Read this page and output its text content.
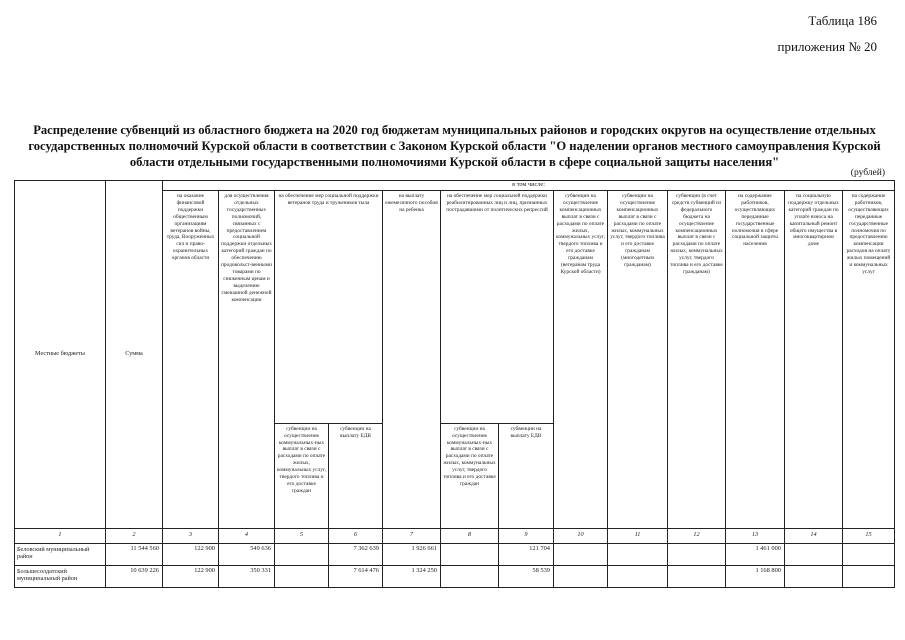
Таблица 186
приложения № 20
Распределение субвенций из областного бюджета на 2020 год бюджетам муниципальных районов и городских округов на осуществление отдельных
государственных полномочий Курской области в соответствии с Законом Курской области "О наделении органов местного самоуправления Курской
области отдельными государственными полномочиями Курской области в сфере социальной защиты населения"
(рублей)
Местные бюджеты	Сумма	в том числе:												
		на оказание финансовой поддержки общественным организациям ветеранов войны, труда, Вооруженных сил и право-охранительных органов области	для осуществления отдельных государственных полномочий, связанных с предоставлением социальной поддержки отдельных категорий граждан по обеспечению продовольст-венными товарами по сниженным ценам и выделению смешанной денежной компенсации	на обеспечение мер социальной поддержки ветеранов труда и тружеников тыла		на выплату ежемесячного пособия на ребенка	на обеспечение мер социальной поддержки реабилитированных лиц и лиц, признанных пострадавшими от политических репрессий		субвенции на осуществление компенсационных выплат в связи с расходами по оплате жилых, коммунальных услуг, твердого топлива и его доставке гражданам (ветеранам труда Курской области)	субвенции на осуществление компенсационных выплат в связи с расходами по оплате жилых, коммунальных услуг, твердого топлива и его доставке гражданам (многодетным гражданам)	субвенции (в счет средств субвенций из федерального бюджета на осуществление компенсационных выплат в связи с расходами по оплате жилых, коммунальных услуг, твердого топлива и его доставке гражданам)	на содержание работников, осуществляющих переданные государственные полномочия в сфере социальной защиты населения	на социальную поддержку отдельных категорий граждан по уплате взноса на капитальный ремонт общего имущества в многоквартирном доме	на содержание работников, осуществляющих переданные государственные полномочия по предоставлению компенсации расходов на оплату жилых помещений и коммунальных услуг

				субвенции на осуществление коммунальных-ных выплат в связи с расходами по оплате жилых, коммунальных услуг, твердого топлива и его доставке граждан	субвенции на выплату ЕДВ		субвенции на осуществление коммунальных-ных выплат в связи с расходами по оплате жилых, коммунальных услуг, твердого топлива и его доставке граждан	субвенции на выплату ЕДВ						
1	2	3	4	5	6	7	8	9	10	11	12	13	14	15
Беловский муниципальный район	11 544 560	122 900	549 636		7 362 639	1 926 661		121 704				1 461 000		
Большесолдатский муниципальный район	10 639 226	122 900	350 331		7 614 476	1 324 250		58 539				1 168 800		
